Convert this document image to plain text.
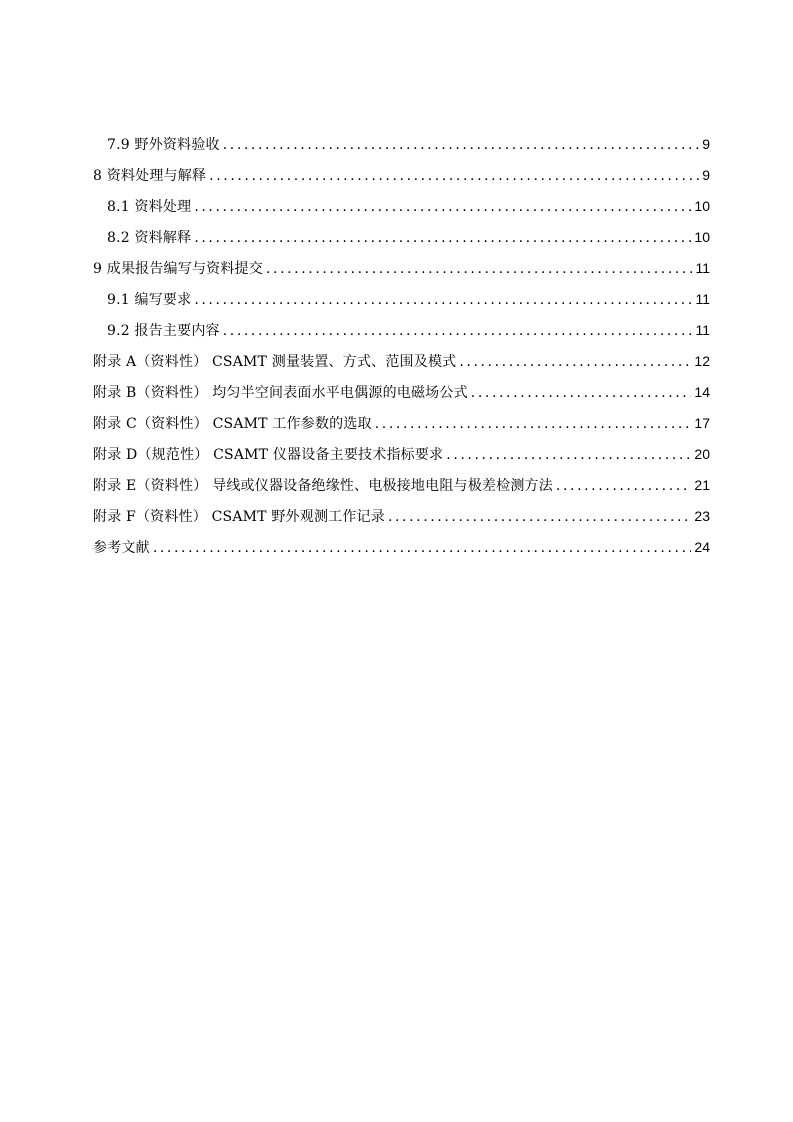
7.9 野外资料验收 .....	9
8 资料处理与解释 .....	9
8.1 资料处理 .....	10
8.2 资料解释 .....	10
9 成果报告编写与资料提交 .....	11
9.1 编写要求 .....	11
9.2 报告主要内容 .....	11
附录 A（资料性） CSAMT 测量装置、方式、范围及模式 .....	12
附录 B（资料性） 均匀半空间表面水平电偶源的电磁场公式 .....	14
附录 C（资料性） CSAMT 工作参数的选取 .....	17
附录 D（规范性） CSAMT 仪器设备主要技术指标要求 .....	20
附录 E（资料性） 导线或仪器设备绝缘性、电极接地电阻与极差检测方法 .....	21
附录 F（资料性） CSAMT 野外观测工作记录 .....	23
参考文献 .....	24
